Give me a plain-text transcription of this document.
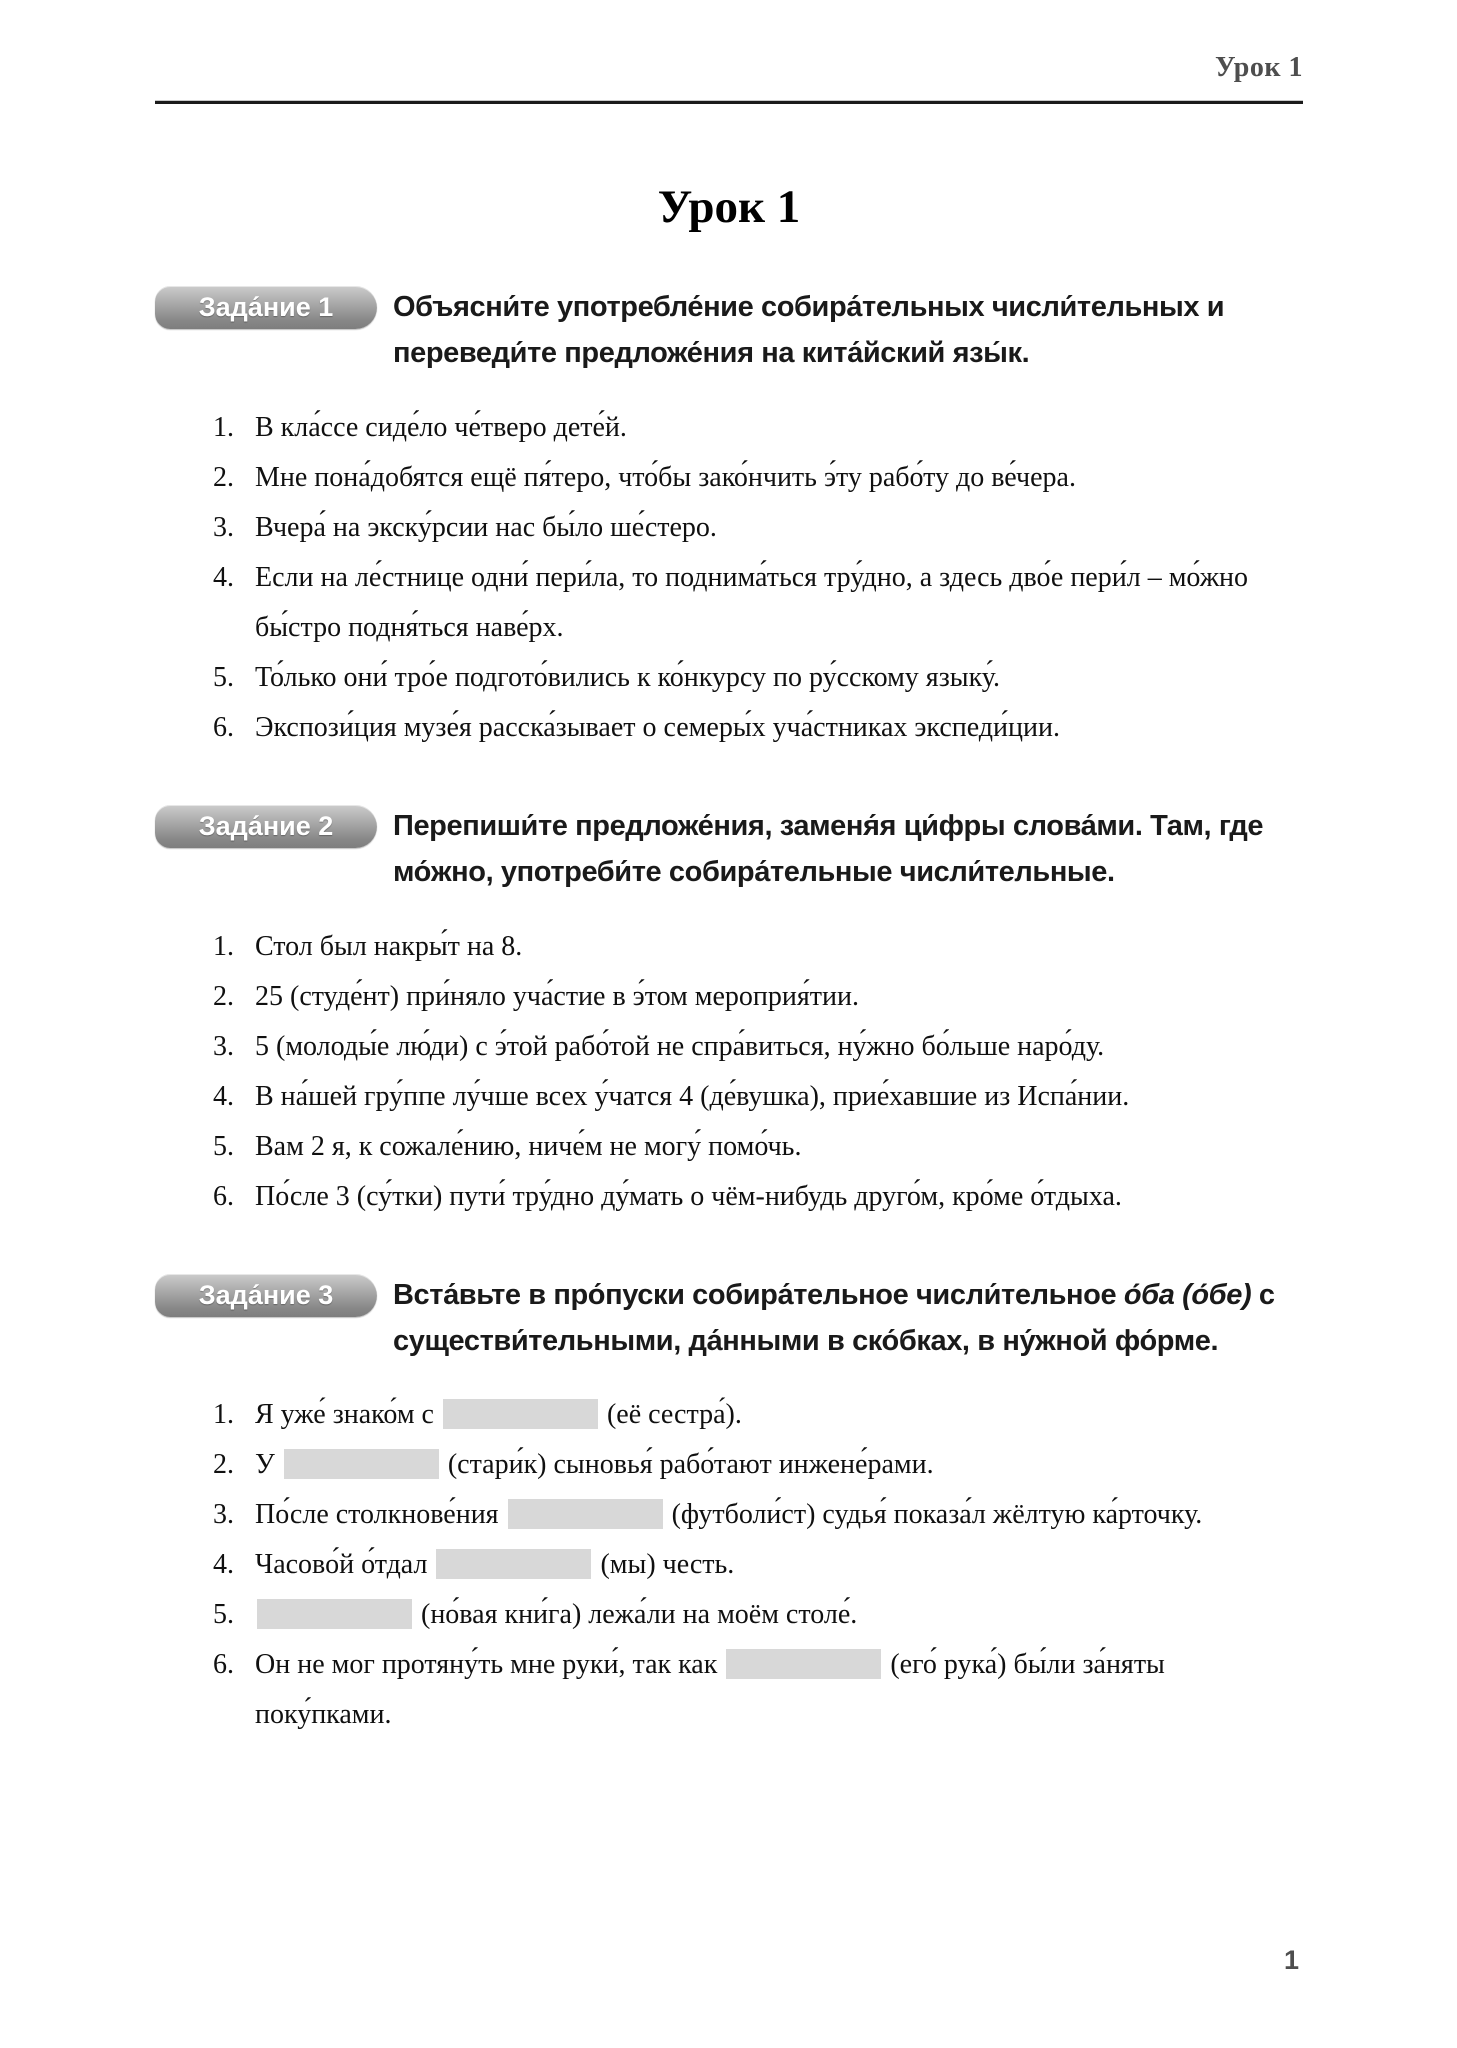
Урок 1
Урок 1
Зада́ние 1 Объясни́те употребле́ние собира́тельных числи́тельных и переведи́те предложе́ния на кита́йский язы́к.
1. В кла́ссе сиде́ло че́тверо дете́й.
2. Мне пона́добятся ещё пя́теро, что́бы зако́нчить э́ту рабо́ту до ве́чера.
3. Вчера́ на экску́рсии нас бы́ло ше́стеро.
4. Если на ле́стнице одни́ пери́ла, то поднима́ться тру́дно, а здесь дво́е пери́л – мо́жно бы́стро подня́ться наве́рх.
5. То́лько они́ тро́е подгото́вились к ко́нкурсу по ру́сскому языку́.
6. Экспози́ция музе́я расска́зывает о семеры́х уча́стниках экспеди́ции.
Зада́ние 2 Перепиши́те предложе́ния, заменя́я ци́фры слова́ми. Там, где мо́жно, употреби́те собира́тельные числи́тельные.
1. Стол был накры́т на 8.
2. 25 (студе́нт) при́няло уча́стие в э́том мероприя́тии.
3. 5 (молоды́е лю́ди) с э́той рабо́той не спра́виться, ну́жно бо́льше наро́ду.
4. В на́шей гру́ппе лу́чше всех у́чатся 4 (де́вушка), прие́хавшие из Испа́нии.
5. Вам 2 я, к сожале́нию, ниче́м не могу́ помо́чь.
6. По́сле 3 (су́тки) пути́ тру́дно ду́мать о чём-нибудь друго́м, кро́ме о́тдыха.
Зада́ние 3 Вста́вьте в про́пуски собира́тельное числи́тельное о́ба (о́бе) с существи́тельными, да́нными в ско́бках, в ну́жной фо́рме.
1. Я уже́ знако́м с	(её сестра́).
2. У	(стари́к) сыновья́ рабо́тают инжене́рами.
3. По́сле столкнове́ния	(футболи́ст) судья́ показа́л жёлтую ка́рточку.
4. Часово́й о́тдал	(мы) честь.
5.	(но́вая кни́га) лежа́ли на моём столе́.
6. Он не мог протяну́ть мне руки́, так как	(его́ рука́) бы́ли за́няты поку́пками.
1
